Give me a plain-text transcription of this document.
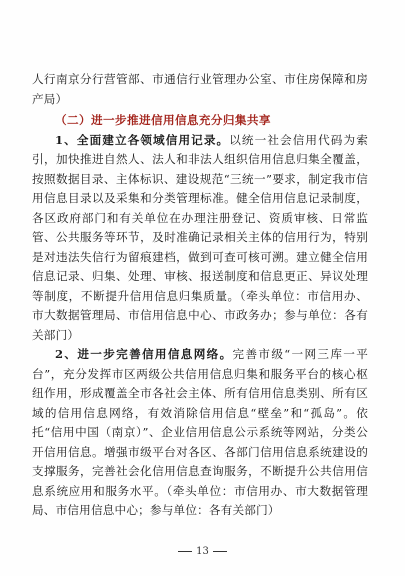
人行南京分行营管部、市通信行业管理办公室、市住房保障和房产局）

（二）进一步推进信用信息充分归集共享

1、全面建立各领域信用记录。以统一社会信用代码为索引，加快推进自然人、法人和非法人组织信用信息归集全覆盖，按照数据目录、主体标识、建设规范“三统一”要求，制定我市信用信息目录以及采集和分类管理标准。健全信用信息记录制度，各区政府部门和有关单位在办理注册登记、资质审核、日常监管、公共服务等环节，及时准确记录相关主体的信用行为，特别是对违法失信行为留痕建档，做到可查可核可溯。建立健全信用信息记录、归集、处理、审核、报送制度和信息更正、异议处理等制度，不断提升信用信息归集质量。（牵头单位：市信用办、市大数据管理局、市信用信息中心、市政务办；参与单位：各有关部门）

2、进一步完善信用信息网络。完善市级“一网三库一平台”，充分发挥市区两级公共信用信息归集和服务平台的核心枢纽作用，形成覆盖全市各社会主体、所有信用信息类别、所有区域的信用信息网络，有效消除信用信息“壁垒”和“孤岛”。依托“信用中国（南京）”、企业信用信息公示系统等网站，分类公开信用信息。增强市级平台对各区、各部门信用信息系统建设的支撑服务，完善社会化信用信息查询服务，不断提升公共信用信息系统应用和服务水平。（牵头单位：市信用办、市大数据管理局、市信用信息中心；参与单位：各有关部门）

13
